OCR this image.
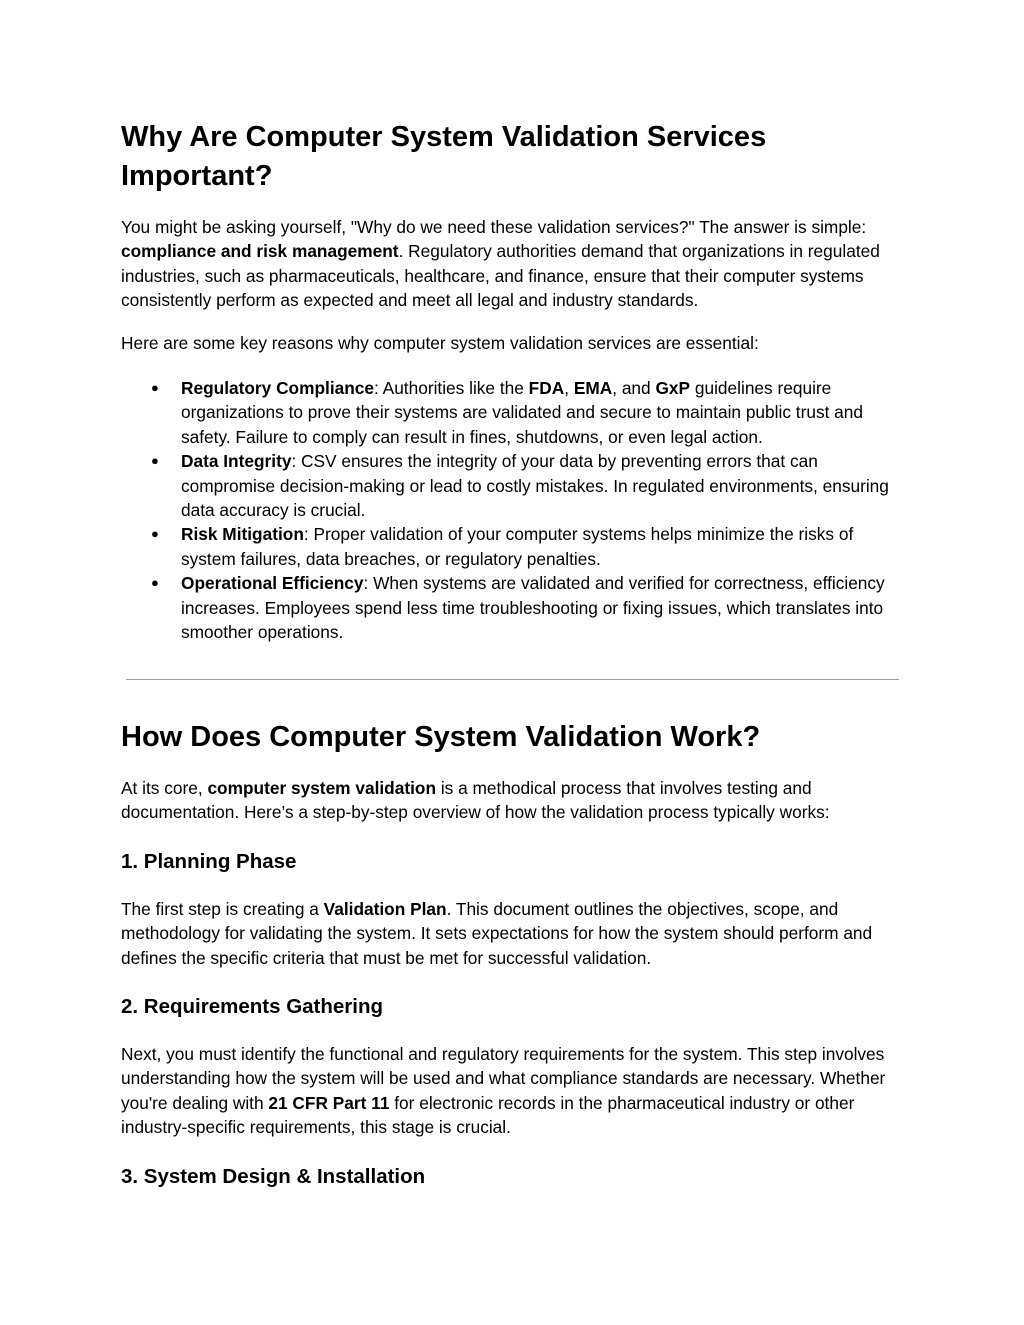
Why Are Computer System Validation Services Important?

You might be asking yourself, "Why do we need these validation services?" The answer is simple: compliance and risk management. Regulatory authorities demand that organizations in regulated industries, such as pharmaceuticals, healthcare, and finance, ensure that their computer systems consistently perform as expected and meet all legal and industry standards.

Here are some key reasons why computer system validation services are essential:

● Regulatory Compliance: Authorities like the FDA, EMA, and GxP guidelines require organizations to prove their systems are validated and secure to maintain public trust and safety. Failure to comply can result in fines, shutdowns, or even legal action.
● Data Integrity: CSV ensures the integrity of your data by preventing errors that can compromise decision-making or lead to costly mistakes. In regulated environments, ensuring data accuracy is crucial.
● Risk Mitigation: Proper validation of your computer systems helps minimize the risks of system failures, data breaches, or regulatory penalties.
● Operational Efficiency: When systems are validated and verified for correctness, efficiency increases. Employees spend less time troubleshooting or fixing issues, which translates into smoother operations.
How Does Computer System Validation Work?

At its core, computer system validation is a methodical process that involves testing and documentation. Here’s a step-by-step overview of how the validation process typically works:

1. Planning Phase

The first step is creating a Validation Plan. This document outlines the objectives, scope, and methodology for validating the system. It sets expectations for how the system should perform and defines the specific criteria that must be met for successful validation.

2. Requirements Gathering

Next, you must identify the functional and regulatory requirements for the system. This step involves understanding how the system will be used and what compliance standards are necessary. Whether you're dealing with 21 CFR Part 11 for electronic records in the pharmaceutical industry or other industry-specific requirements, this stage is crucial.

3. System Design & Installation
